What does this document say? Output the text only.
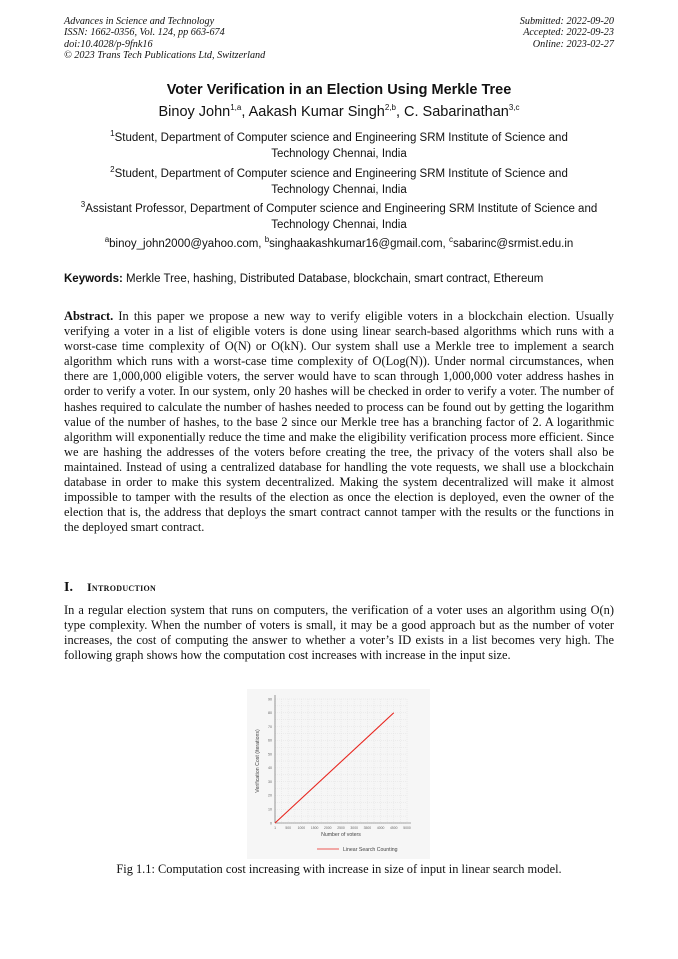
Advances in Science and Technology
ISSN: 1662-0356, Vol. 124, pp 663-674
doi:10.4028/p-9fnk16
© 2023 Trans Tech Publications Ltd, Switzerland
Submitted: 2022-09-20
Accepted: 2022-09-23
Online: 2023-02-27
Voter Verification in an Election Using Merkle Tree
Binoy John$^{1,a}$, Aakash Kumar Singh$^{2,b}$, C. Sabarinathan$^{3,c}$
$^1$Student, Department of Computer science and Engineering SRM Institute of Science and Technology Chennai, India
$^2$Student, Department of Computer science and Engineering SRM Institute of Science and Technology Chennai, India
$^3$Assistant Professor, Department of Computer science and Engineering SRM Institute of Science and Technology Chennai, India
$^a$binoy_john2000@yahoo.com, $^b$singhaakashkumar16@gmail.com, $^c$sabarinc@srmist.edu.in
Keywords: Merkle Tree, hashing, Distributed Database, blockchain, smart contract, Ethereum
Abstract. In this paper we propose a new way to verify eligible voters in a blockchain election. Usually verifying a voter in a list of eligible voters is done using linear search-based algorithms which runs with a worst-case time complexity of O(N) or O(kN). Our system shall use a Merkle tree to implement a search algorithm which runs with a worst-case time complexity of O(Log(N)). Under normal circumstances, when there are 1,000,000 eligible voters, the server would have to scan through 1,000,000 voter address hashes in order to verify a voter. In our system, only 20 hashes will be checked in order to verify a voter. The number of hashes required to calculate the number of hashes needed to process can be found out by getting the logarithm value of the number of hashes, to the base 2 since our Merkle tree has a branching factor of 2. A logarithmic algorithm will exponentially reduce the time and make the eligibility verification process more efficient. Since we are hashing the addresses of the voters before creating the tree, the privacy of the voters shall also be maintained. Instead of using a centralized database for handling the vote requests, we shall use a blockchain database in order to make this system decentralized. Making the system decentralized will make it almost impossible to tamper with the results of the election as once the election is deployed, even the owner of the election that is, the address that deploys the smart contract cannot tamper with the results or the functions in the deployed smart contract.
I. Introduction
In a regular election system that runs on computers, the verification of a voter uses an algorithm using O(n) type complexity. When the number of voters is small, it may be a good approach but as the number of voter increases, the cost of computing the answer to whether a voter’s ID exists in a list becomes very high. The following graph shows how the computation cost increases with increase in the input size.
0
10
20
30
40
50
60
70
80
90
1	500 1000 1500 2000 2500 3000 3500 4000 4500 5000
Verification Cost (iterations)
Number of voters
Linear Search Counting
Fig 1.1: Computation cost increasing with increase in size of input in linear search model.
